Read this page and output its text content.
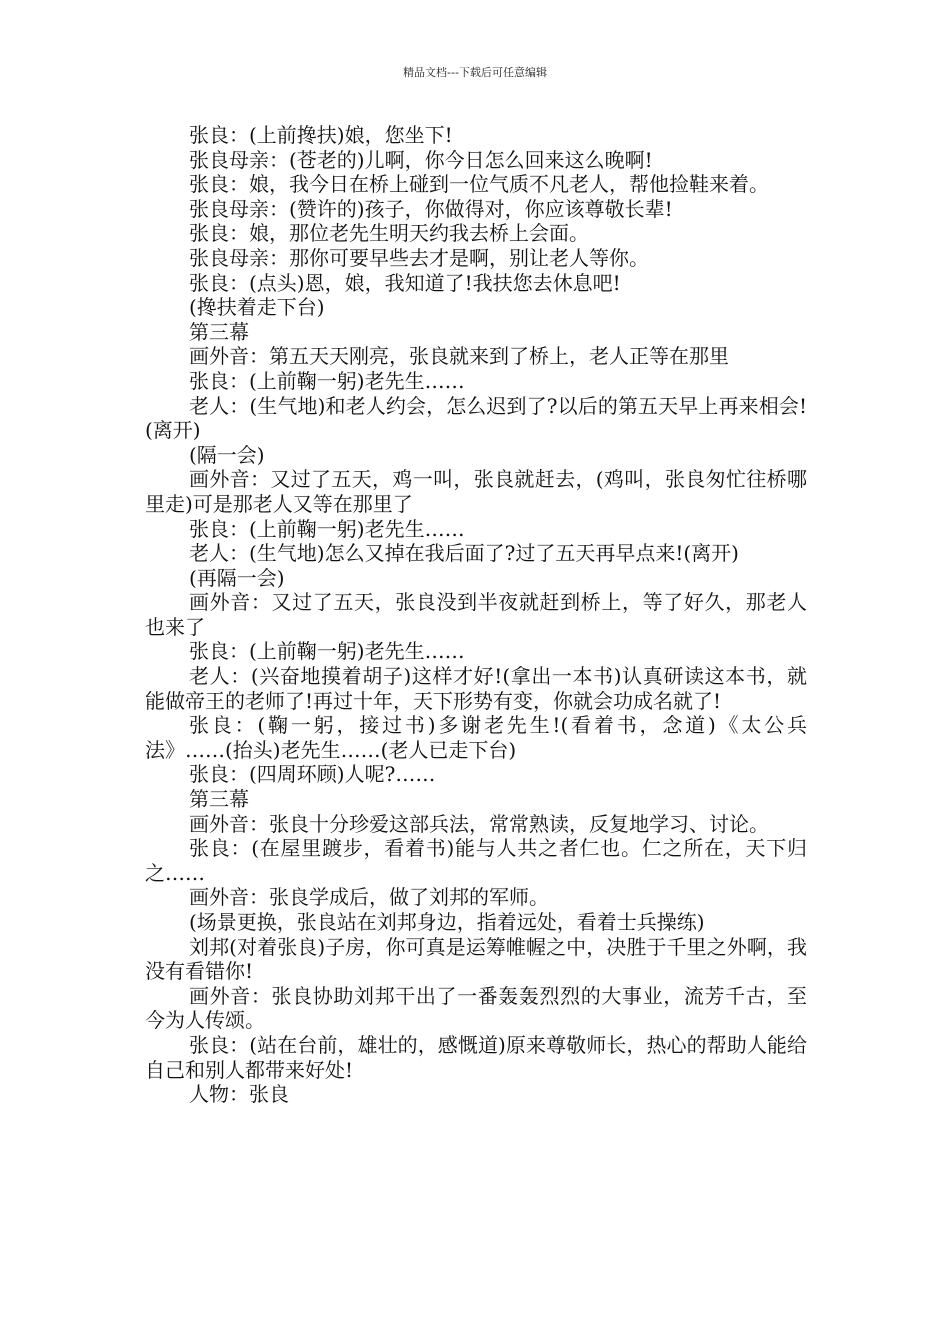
精品文档---下载后可任意编辑

张良：(上前搀扶)娘，您坐下!

张良母亲：(苍老的)儿啊，你今日怎么回来这么晚啊!

张良：娘，我今日在桥上碰到一位气质不凡老人，帮他捡鞋来着。

张良母亲：(赞许的)孩子，你做得对，你应该尊敬长辈!

张良：娘，那位老先生明天约我去桥上会面。

张良母亲：那你可要早些去才是啊，别让老人等你。

张良：(点头)恩，娘，我知道了!我扶您去休息吧!

(搀扶着走下台)

第三幕

画外音：第五天天刚亮，张良就来到了桥上，老人正等在那里

张良：(上前鞠一躬)老先生……

老人：(生气地)和老人约会，怎么迟到了?以后的第五天早上再来相会!(离开)

(隔一会)

画外音：又过了五天，鸡一叫，张良就赶去，(鸡叫，张良匆忙往桥哪里走)可是那老人又等在那里了

张良：(上前鞠一躬)老先生……

老人：(生气地)怎么又掉在我后面了?过了五天再早点来!(离开)

(再隔一会)

画外音：又过了五天，张良没到半夜就赶到桥上，等了好久，那老人也来了

张良：(上前鞠一躬)老先生……

老人：(兴奋地摸着胡子)这样才好!(拿出一本书)认真研读这本书，就能做帝王的老师了!再过十年，天下形势有变，你就会功成名就了!

张良：(鞠一躬，接过书)多谢老先生!(看着书，念道)《太公兵法》……(抬头)老先生……(老人已走下台)

张良：(四周环顾)人呢?……

第三幕

画外音：张良十分珍爱这部兵法，常常熟读，反复地学习、讨论。

张良：(在屋里踱步，看着书)能与人共之者仁也。仁之所在，天下归之……

画外音：张良学成后，做了刘邦的军师。

(场景更换，张良站在刘邦身边，指着远处，看着士兵操练)

刘邦(对着张良)子房，你可真是运筹帷幄之中，决胜于千里之外啊，我没有看错你!

画外音：张良协助刘邦干出了一番轰轰烈烈的大事业，流芳千古，至今为人传颂。

张良：(站在台前，雄壮的，感慨道)原来尊敬师长，热心的帮助人能给自己和别人都带来好处!

人物：张良
